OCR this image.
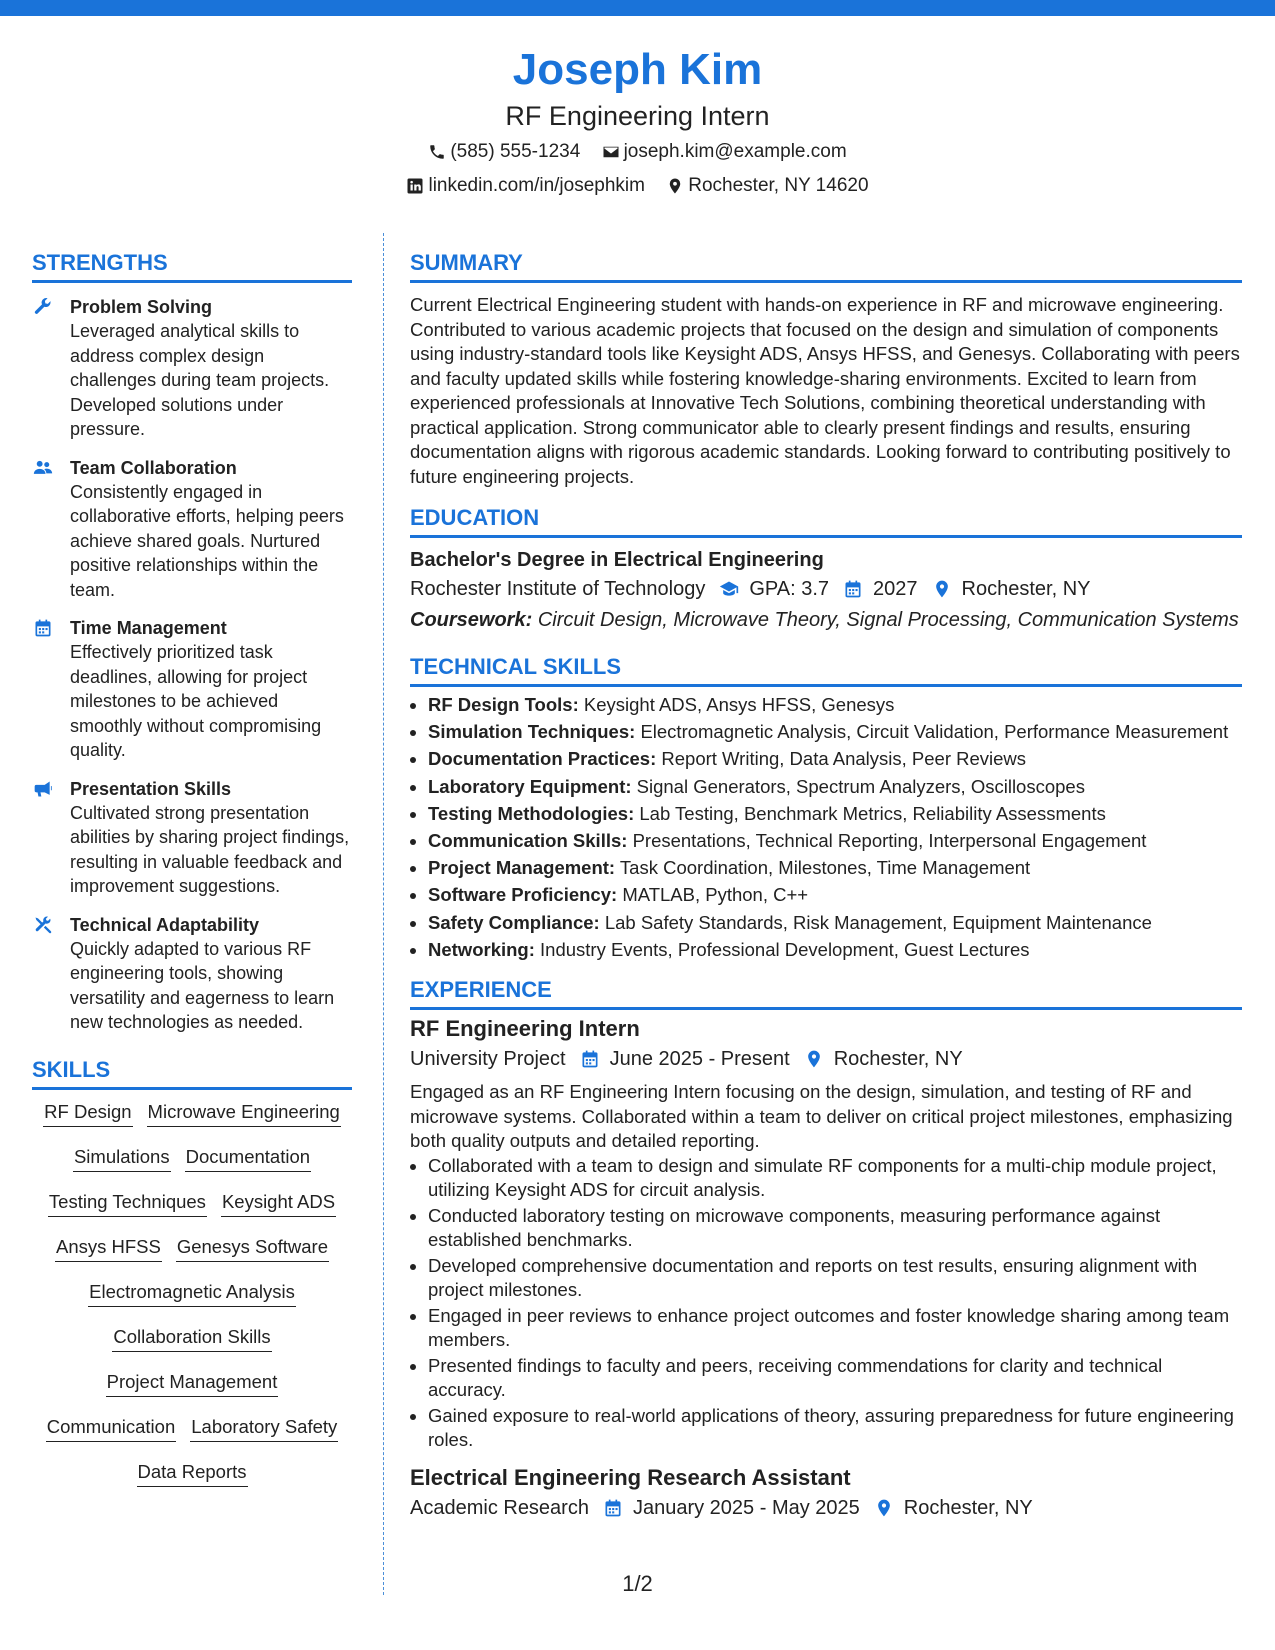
Joseph Kim
RF Engineering Intern
(585) 555-1234
joseph.kim@example.com
linkedin.com/in/josephkim
Rochester, NY 14620
STRENGTHS
Problem Solving
Leveraged analytical skills to address complex design challenges during team projects. Developed solutions under pressure.
Team Collaboration
Consistently engaged in collaborative efforts, helping peers achieve shared goals. Nurtured positive relationships within the team.
Time Management
Effectively prioritized task deadlines, allowing for project milestones to be achieved smoothly without compromising quality.
Presentation Skills
Cultivated strong presentation abilities by sharing project findings, resulting in valuable feedback and improvement suggestions.
Technical Adaptability
Quickly adapted to various RF engineering tools, showing versatility and eagerness to learn new technologies as needed.
SKILLS
RF Design Microwave Engineering
Simulations Documentation
Testing Techniques Keysight ADS
Ansys HFSS Genesys Software
Electromagnetic Analysis
Collaboration Skills
Project Management
Communication Laboratory Safety
Data Reports
SUMMARY
Current Electrical Engineering student with hands-on experience in RF and microwave engineering. Contributed to various academic projects that focused on the design and simulation of components using industry-standard tools like Keysight ADS, Ansys HFSS, and Genesys. Collaborating with peers and faculty updated skills while fostering knowledge-sharing environments. Excited to learn from experienced professionals at Innovative Tech Solutions, combining theoretical understanding with practical application. Strong communicator able to clearly present findings and results, ensuring documentation aligns with rigorous academic standards. Looking forward to contributing positively to future engineering projects.
EDUCATION
Bachelor's Degree in Electrical Engineering
Rochester Institute of Technology GPA: 3.7 2027 Rochester, NY
Coursework: Circuit Design, Microwave Theory, Signal Processing, Communication Systems
TECHNICAL SKILLS
• RF Design Tools: Keysight ADS, Ansys HFSS, Genesys
• Simulation Techniques: Electromagnetic Analysis, Circuit Validation, Performance Measurement
• Documentation Practices: Report Writing, Data Analysis, Peer Reviews
• Laboratory Equipment: Signal Generators, Spectrum Analyzers, Oscilloscopes
• Testing Methodologies: Lab Testing, Benchmark Metrics, Reliability Assessments
• Communication Skills: Presentations, Technical Reporting, Interpersonal Engagement
• Project Management: Task Coordination, Milestones, Time Management
• Software Proficiency: MATLAB, Python, C++
• Safety Compliance: Lab Safety Standards, Risk Management, Equipment Maintenance
• Networking: Industry Events, Professional Development, Guest Lectures
EXPERIENCE
RF Engineering Intern
University Project June 2025 - Present Rochester, NY
Engaged as an RF Engineering Intern focusing on the design, simulation, and testing of RF and microwave systems. Collaborated within a team to deliver on critical project milestones, emphasizing both quality outputs and detailed reporting.
• Collaborated with a team to design and simulate RF components for a multi-chip module project, utilizing Keysight ADS for circuit analysis.
• Conducted laboratory testing on microwave components, measuring performance against established benchmarks.
• Developed comprehensive documentation and reports on test results, ensuring alignment with project milestones.
• Engaged in peer reviews to enhance project outcomes and foster knowledge sharing among team members.
• Presented findings to faculty and peers, receiving commendations for clarity and technical accuracy.
• Gained exposure to real-world applications of theory, assuring preparedness for future engineering roles.
Electrical Engineering Research Assistant
Academic Research January 2025 - May 2025 Rochester, NY
1/2
